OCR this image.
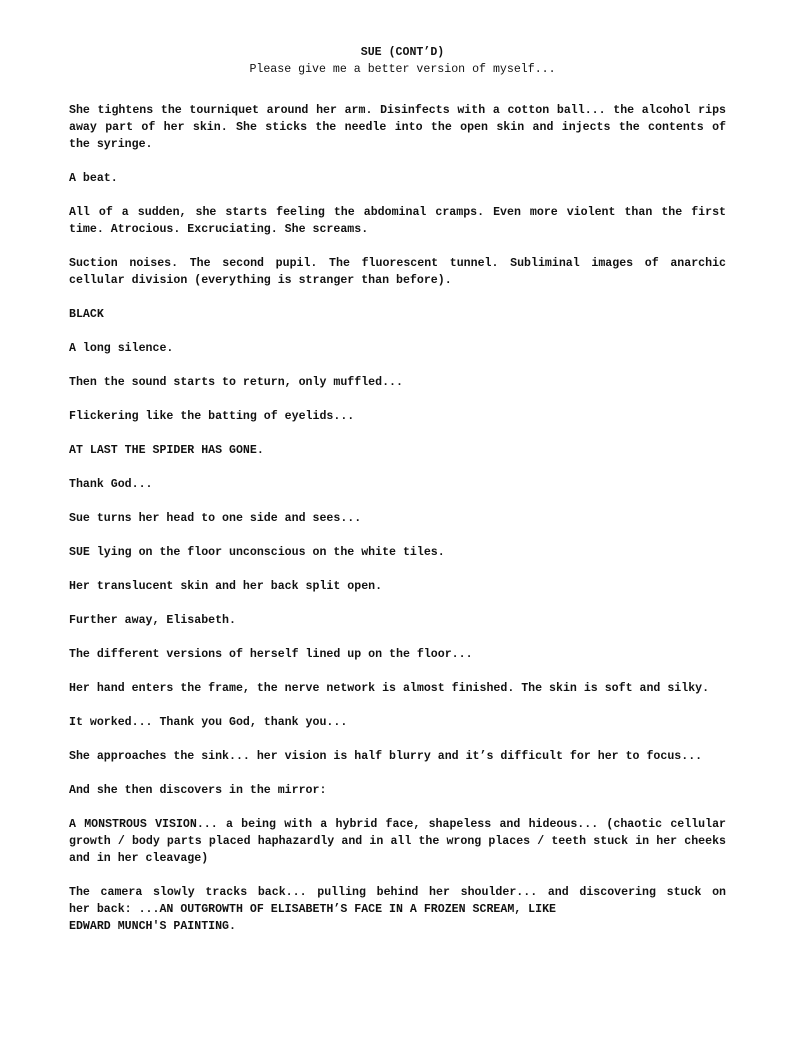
SUE (CONT’D)

Please give me a better version of myself...

She tightens the tourniquet around her arm. Disinfects with a cotton ball... the alcohol rips away part of her skin. She sticks the needle into the open skin and injects the contents of the syringe.

A beat.

All of a sudden, she starts feeling the abdominal cramps. Even more violent than the first time. Atrocious. Excruciating. She screams.

Suction noises. The second pupil. The fluorescent tunnel. Subliminal images of anarchic cellular division (everything is stranger than before).

BLACK

A long silence.

Then the sound starts to return, only muffled...

Flickering like the batting of eyelids...

AT LAST THE SPIDER HAS GONE.

Thank God...

Sue turns her head to one side and sees...

SUE lying on the floor unconscious on the white tiles.

Her translucent skin and her back split open.

Further away, Elisabeth.

The different versions of herself lined up on the floor...

Her hand enters the frame, the nerve network is almost finished. The skin is soft and silky.

It worked... Thank you God, thank you...

She approaches the sink... her vision is half blurry and it’s difficult for her to focus...

And she then discovers in the mirror:

A MONSTROUS VISION... a being with a hybrid face, shapeless and hideous... (chaotic cellular growth / body parts placed haphazardly and in all the wrong places / teeth stuck in her cheeks and in her cleavage)

The camera slowly tracks back... pulling behind her shoulder... and discovering stuck on
her back: ...AN OUTGROWTH OF ELISABETH’S FACE IN A FROZEN SCREAM, LIKE
EDWARD MUNCH'S PAINTING.
